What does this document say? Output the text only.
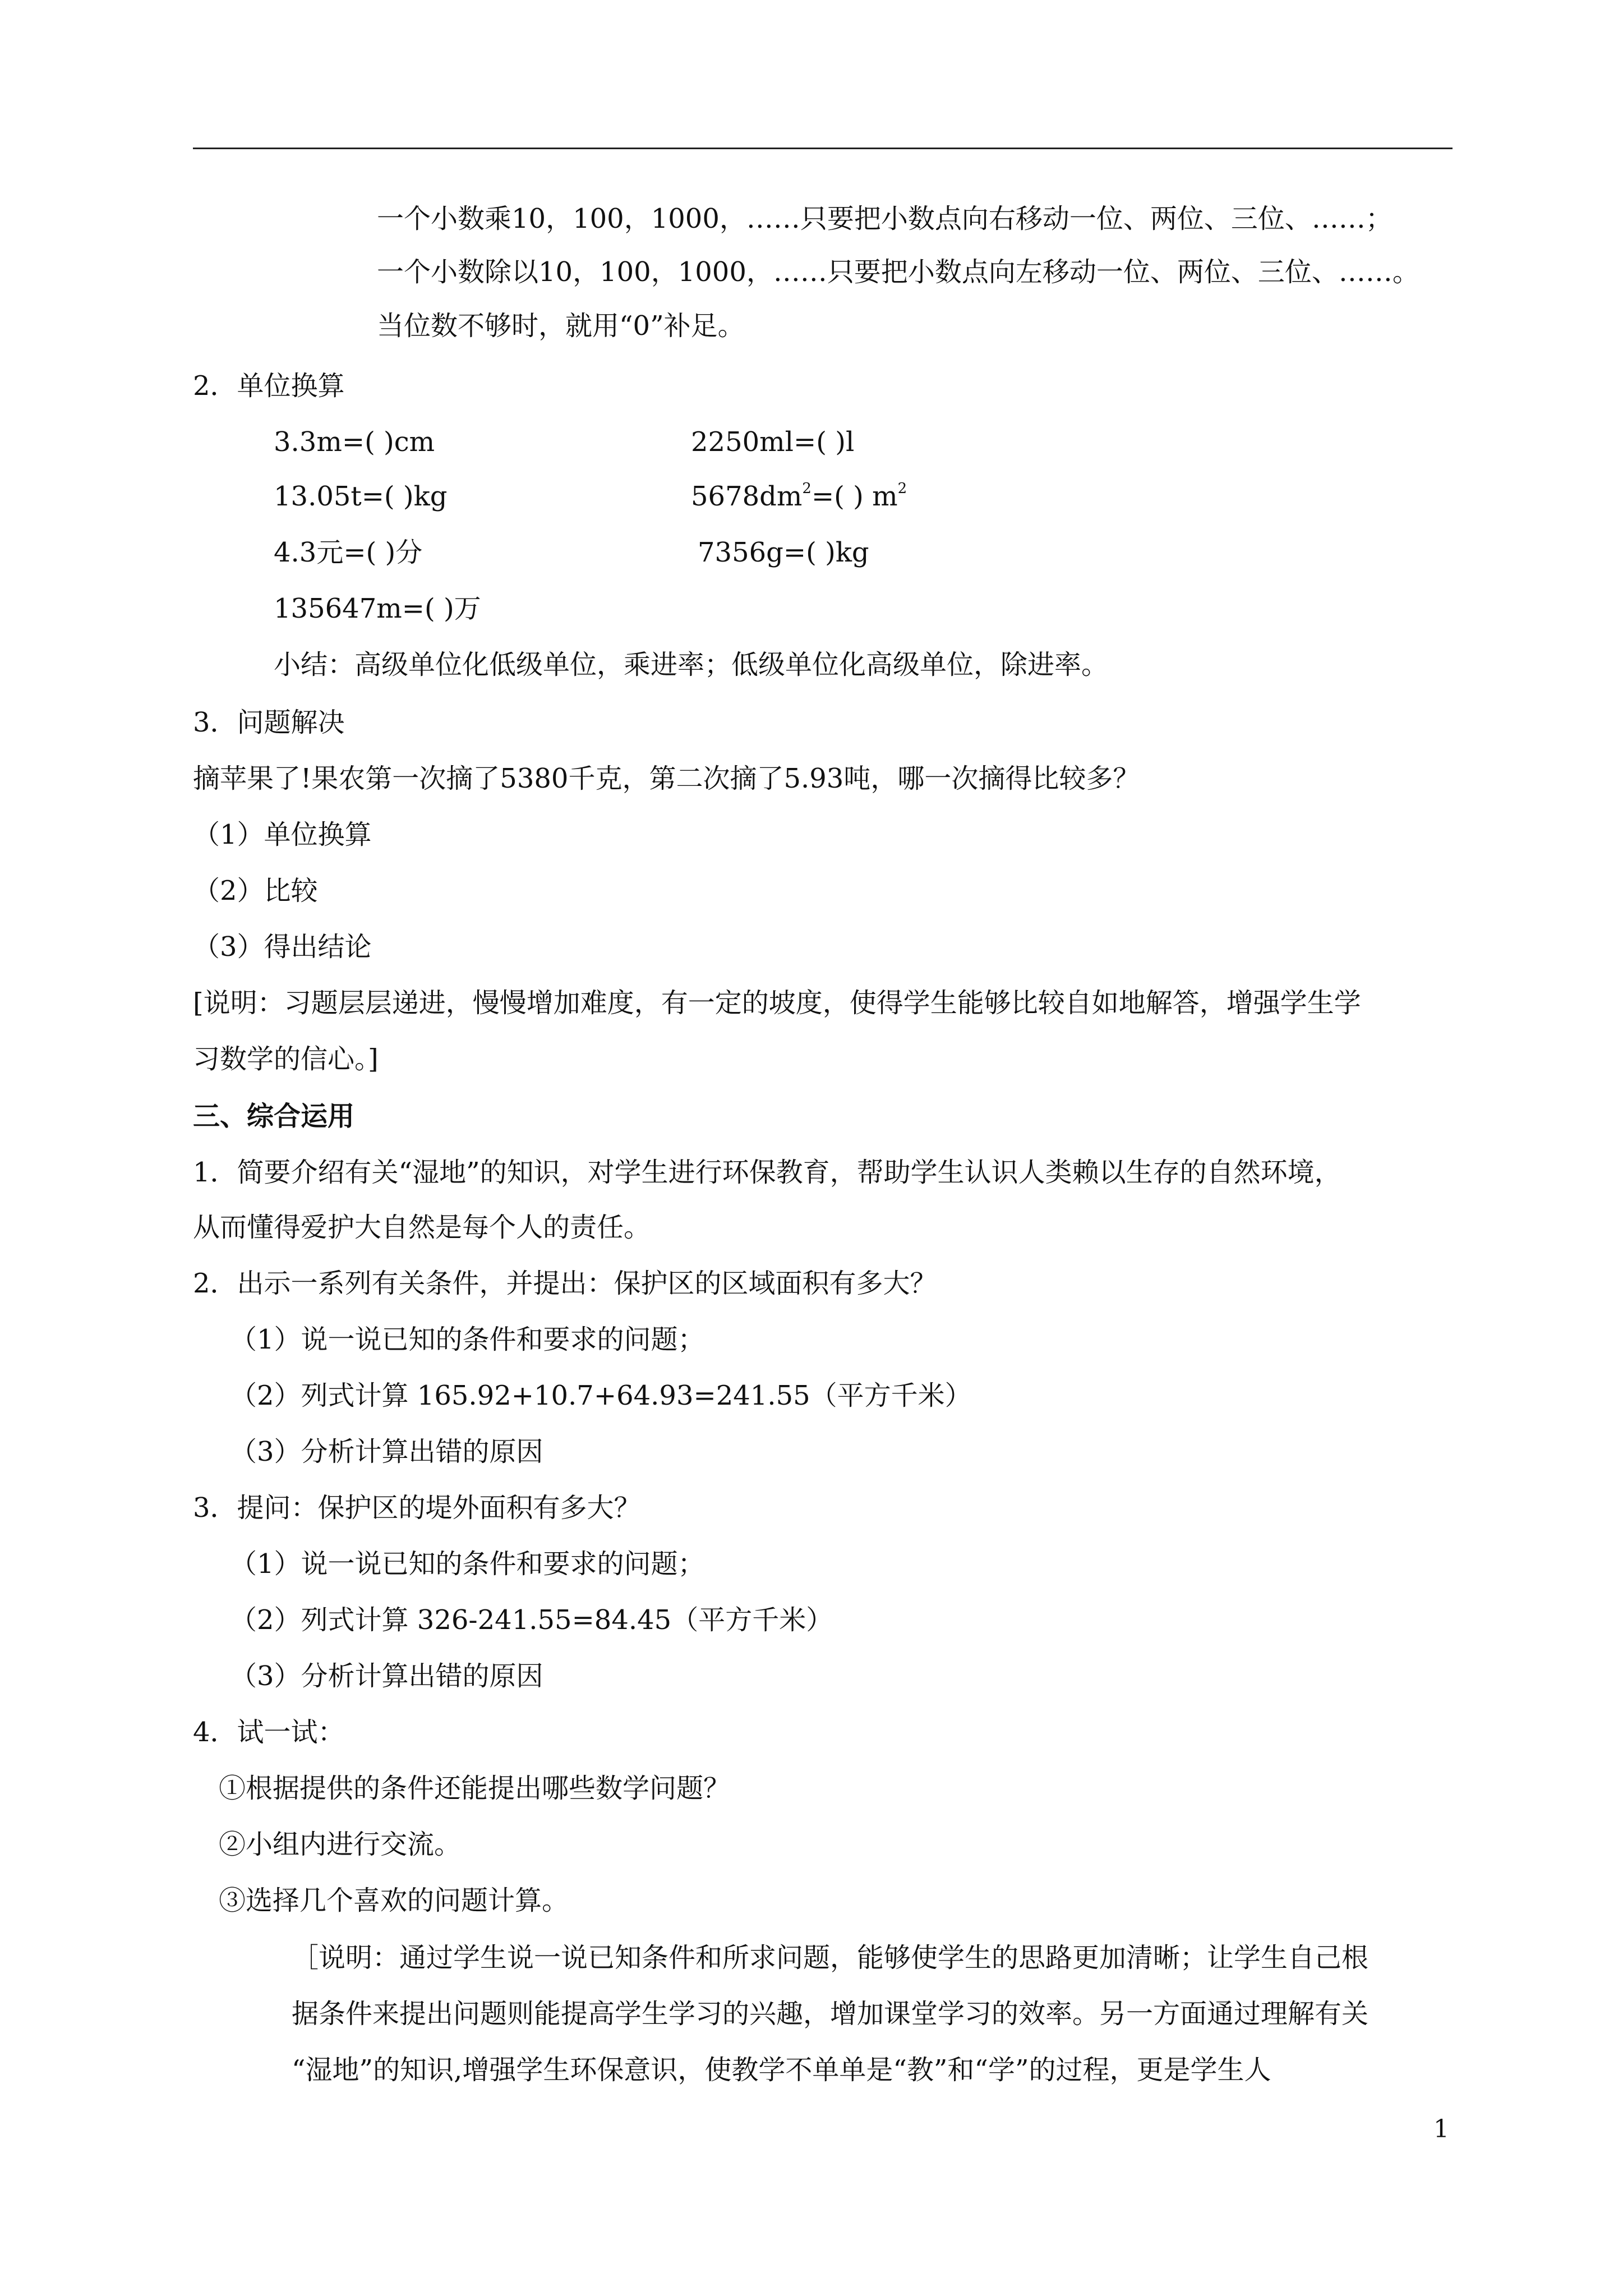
一个小数乘10，100，1000，……只要把小数点向右移动一位、两位、三位、……；
一个小数除以10，100，1000，……只要把小数点向左移动一位、两位、三位、……。
当位数不够时，就用“0”补足。
2．单位换算
3.3m=( )cm	2250ml=( )l
13.05t=( )kg	$5678dm^2=$( ) $m^2$
4.3元=( )分	7356g=( )kg
135647m=( )万
小结：高级单位化低级单位，乘进率；低级单位化高级单位，除进率。
3．问题解决
摘苹果了!果农第一次摘了5380千克，第二次摘了5.93吨，哪一次摘得比较多？
（1）单位换算
（2）比较
（3）得出结论
[说明：习题层层递进，慢慢增加难度，有一定的坡度，使得学生能够比较自如地解答，增强学生学
习数学的信心。]
三、综合运用
1．简要介绍有关“湿地”的知识，对学生进行环保教育，帮助学生认识人类赖以生存的自然环境，
从而懂得爱护大自然是每个人的责任。
2．出示一系列有关条件，并提出：保护区的区域面积有多大？
（1）说一说已知的条件和要求的问题；
（2）列式计算 165.92+10.7+64.93=241.55（平方千米）
（3）分析计算出错的原因
3．提问：保护区的堤外面积有多大？
（1）说一说已知的条件和要求的问题；
（2）列式计算 326-241.55=84.45（平方千米）
（3）分析计算出错的原因
4．试一试：
①根据提供的条件还能提出哪些数学问题？
②小组内进行交流。
③选择几个喜欢的问题计算。
［说明：通过学生说一说已知条件和所求问题，能够使学生的思路更加清晰；让学生自己根
据条件来提出问题则能提高学生学习的兴趣，增加课堂学习的效率。另一方面通过理解有关
“湿地”的知识,增强学生环保意识，使教学不单单是“教”和“学”的过程，更是学生人
1
